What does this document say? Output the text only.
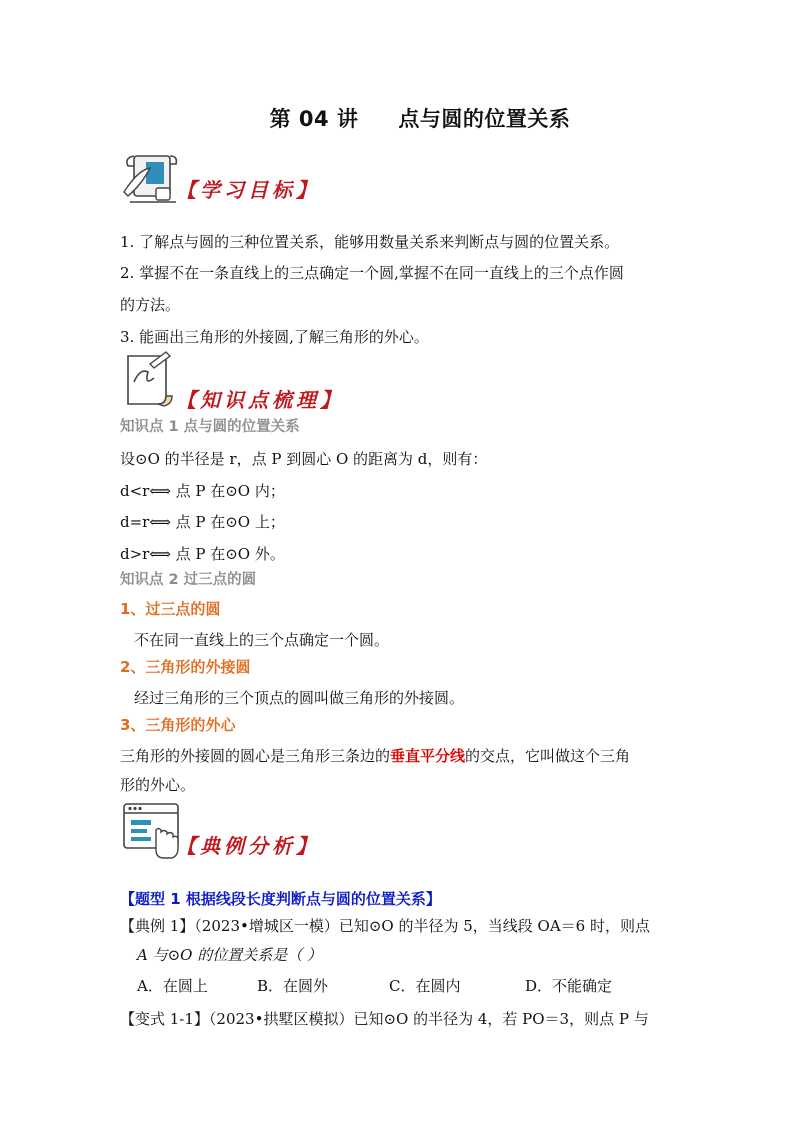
第 04 讲 点与圆的位置关系
【学习目标】
1. 了解点与圆的三种位置关系，能够用数量关系来判断点与圆的位置关系。
2. 掌握不在一条直线上的三点确定一个圆,掌握不在同一直线上的三个点作圆
的方法。
3. 能画出三角形的外接圆,了解三角形的外心。
【知识点梳理】
知识点 1 点与圆的位置关系
设⊙O 的半径是 r，点 P 到圆心 O 的距离为 d，则有：
d<r⟺ 点 P 在⊙O 内；
d=r⟺ 点 P 在⊙O 上；
d>r⟺ 点 P 在⊙O 外。
知识点 2 过三点的圆
1、过三点的圆
不在同一直线上的三个点确定一个圆。
2、三角形的外接圆
经过三角形的三个顶点的圆叫做三角形的外接圆。
3、三角形的外心
三角形的外接圆的圆心是三角形三条边的垂直平分线的交点，它叫做这个三角
形的外心。
【典例分析】
【题型 1 根据线段长度判断点与圆的位置关系】
【典例 1】（2023•增城区一模）已知⊙O 的半径为 5，当线段 OA＝6 时，则点
A 与⊙O 的位置关系是（ ）
A．在圆上	B．在圆外	C．在圆内	D．不能确定
【变式 1-1】（2023•拱墅区模拟）已知⊙O 的半径为 4，若 PO＝3，则点 P 与
